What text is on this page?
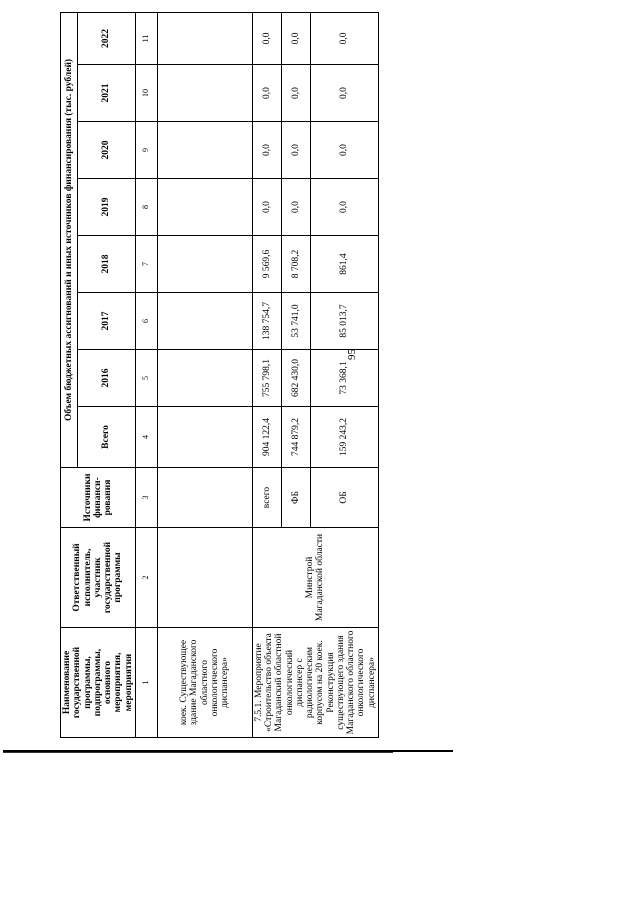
95
Наименование государственной программы, подпрограммы, основного мероприятия, мероприятия	Ответственный исполнитель, участник государственной программы	Источники финанси-рования	Объем бюджетных ассигнований и иных источников финансирования (тыс. рублей)							
			Всего	2016	2017	2018	2019	2020	2021	2022
1	2	3	4	5	6	7	8	9	10	11
коек. Существующее здание Магаданского областного онкологического диспансера»										

7.5.1. Мероприятие «Строительство объекта Магаданский областной онкологический диспансер с радиологическим корпусом на 20 коек. Реконструкция существующего здания Магаданского областного онкологического диспансера»	Минстрой Магаданской области	всего	904 122,4	755 798,1	138 754,7	9 569,6	0,0	0,0	0,0	0,0
		ФБ	744 879,2	682 430,0	53 741,0	8 708,2	0,0	0,0	0,0	0,0
		ОБ	159 243,2	73 368,1	85 013,7	861,4	0,0	0,0	0,0	0,0
